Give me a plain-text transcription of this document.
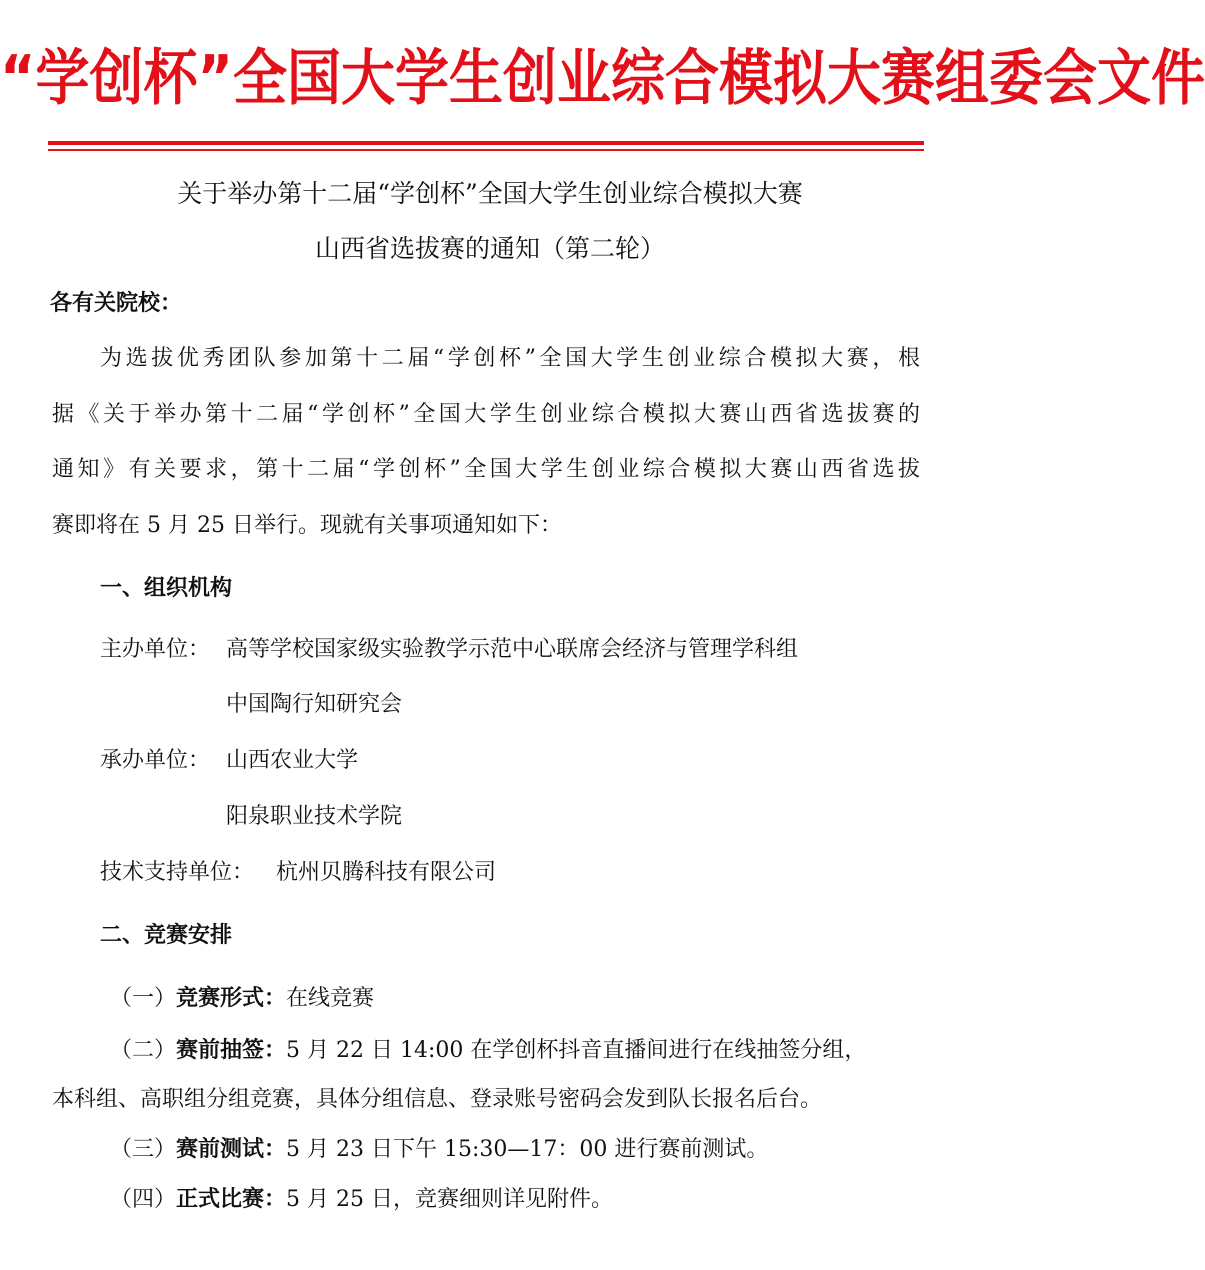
“学创杯”全国大学生创业综合模拟大赛组委会文件
关于举办第十二届“学创杯”全国大学生创业综合模拟大赛
山西省选拔赛的通知（第二轮）
各有关院校：
为选拔优秀团队参加第十二届“学创杯”全国大学生创业综合模拟大赛，根
据《关于举办第十二届“学创杯”全国大学生创业综合模拟大赛山西省选拔赛的
通知》有关要求，第十二届“学创杯”全国大学生创业综合模拟大赛山西省选拔
赛即将在 5 月 25 日举行。现就有关事项通知如下：
一、组织机构
主办单位： 高等学校国家级实验教学示范中心联席会经济与管理学科组
中国陶行知研究会
承办单位： 山西农业大学
阳泉职业技术学院
技术支持单位： 杭州贝腾科技有限公司
二、竞赛安排
（一）竞赛形式：在线竞赛
（二）赛前抽签：5 月 22 日 14:00 在学创杯抖音直播间进行在线抽签分组，
本科组、高职组分组竞赛，具体分组信息、登录账号密码会发到队长报名后台。
（三）赛前测试：5 月 23 日下午 15:30—17：00 进行赛前测试。
（四）正式比赛：5 月 25 日，竞赛细则详见附件。
